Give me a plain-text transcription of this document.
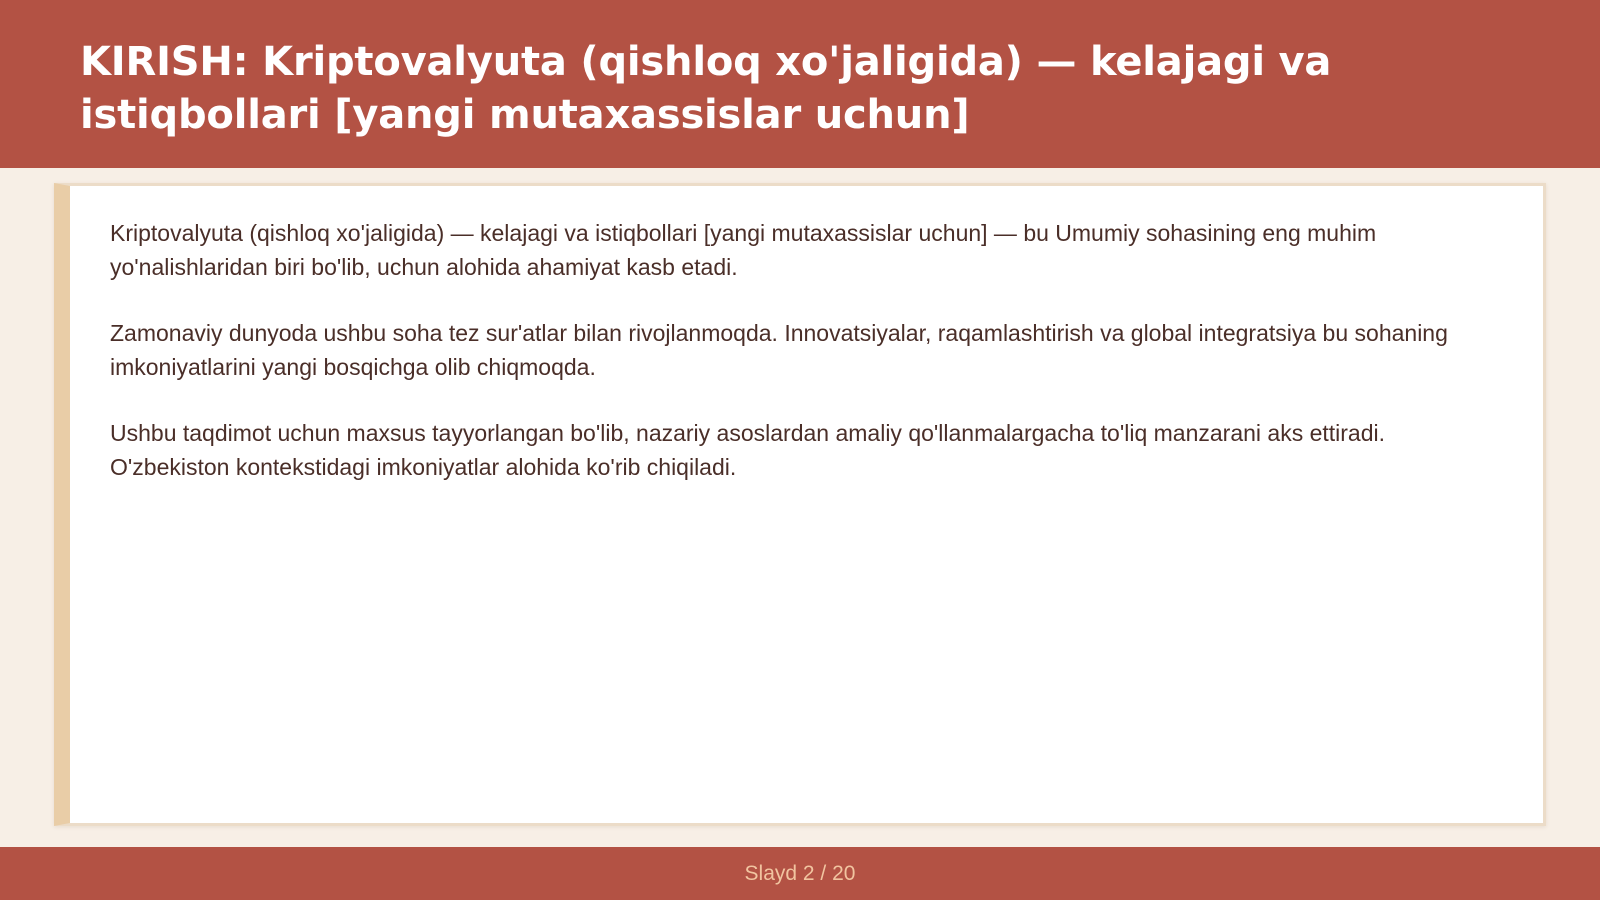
KIRISH: Kriptovalyuta (qishloq xo'jaligida) — kelajagi va istiqbollari [yangi mutaxassislar uchun]

Kriptovalyuta (qishloq xo'jaligida) — kelajagi va istiqbollari [yangi mutaxassislar uchun] — bu Umumiy sohasining eng muhim yo'nalishlaridan biri bo'lib, uchun alohida ahamiyat kasb etadi.

Zamonaviy dunyoda ushbu soha tez sur'atlar bilan rivojlanmoqda. Innovatsiyalar, raqamlashtirish va global integratsiya bu sohaning imkoniyatlarini yangi bosqichga olib chiqmoqda.

Ushbu taqdimot uchun maxsus tayyorlangan bo'lib, nazariy asoslardan amaliy qo'llanmalargacha to'liq manzarani aks ettiradi. O'zbekiston kontekstidagi imkoniyatlar alohida ko'rib chiqiladi.

Slayd 2 / 20
